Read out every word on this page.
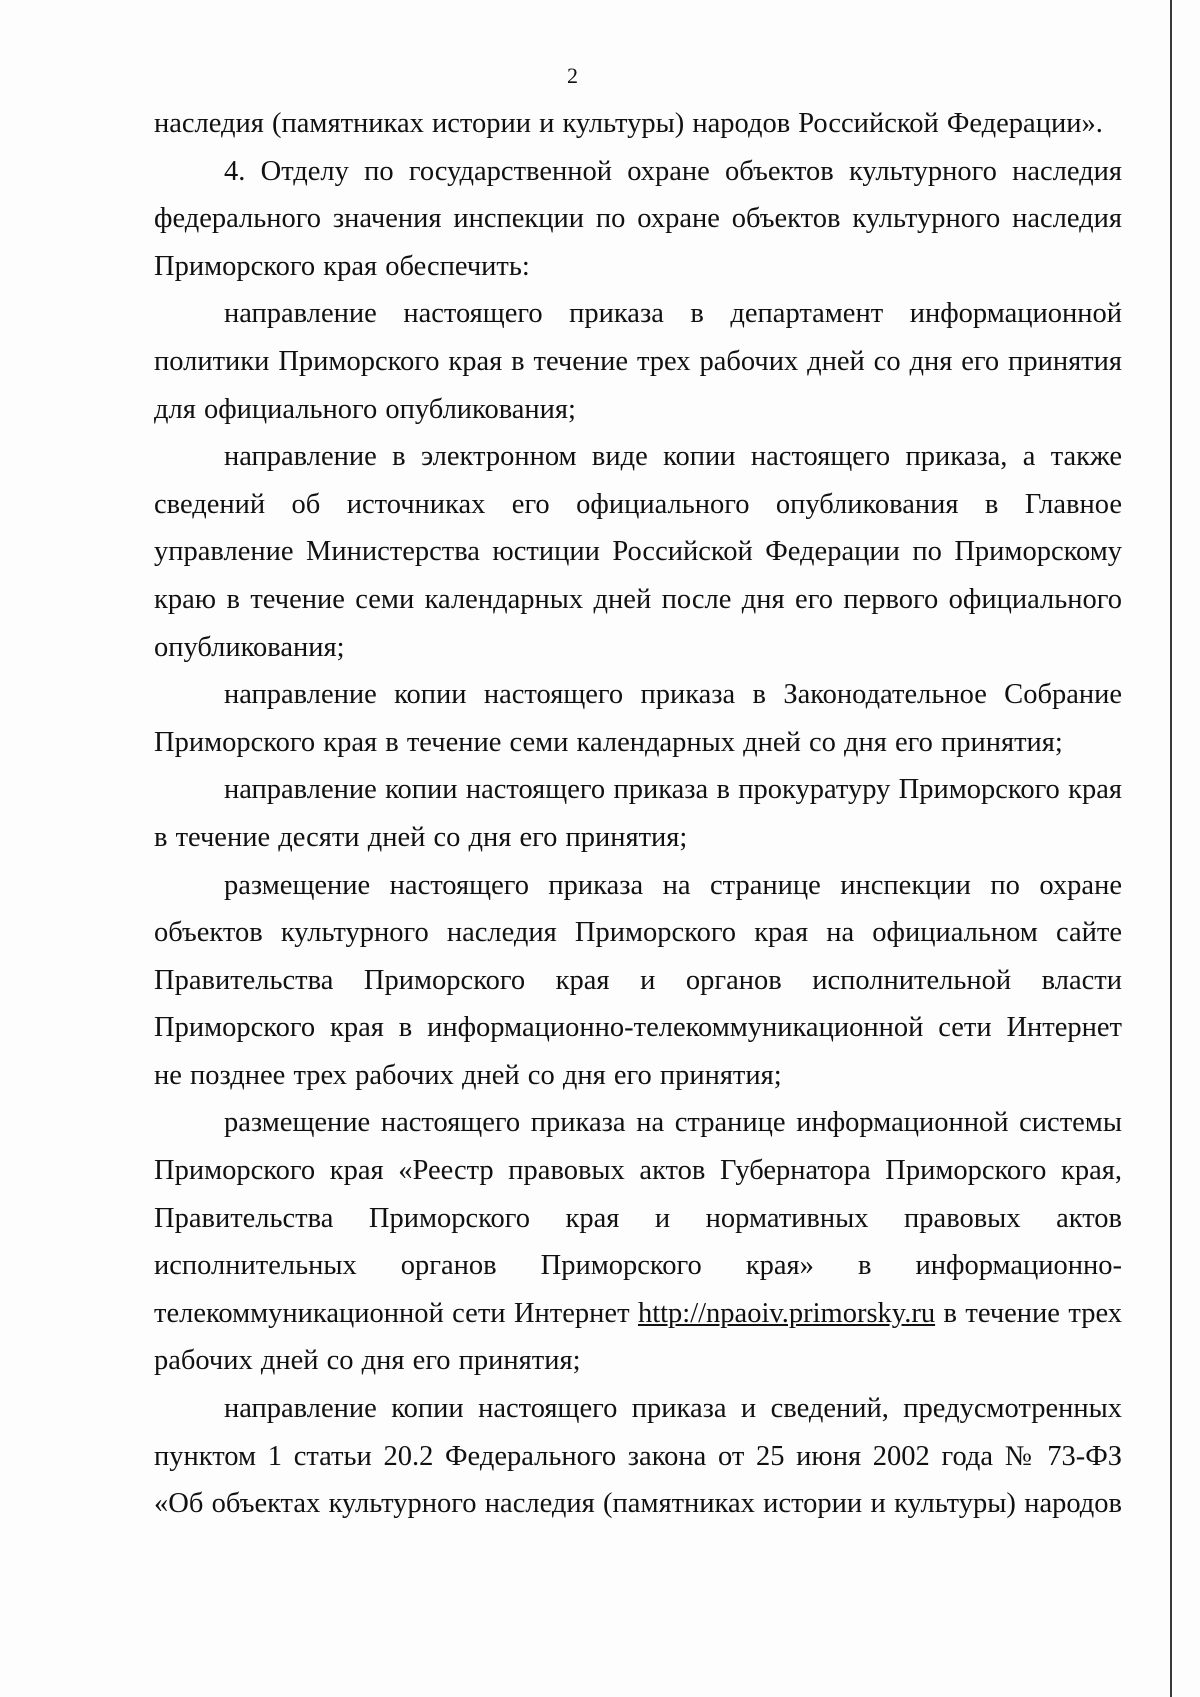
2

наследия (памятниках истории и культуры) народов Российской Федерации».

4. Отделу по государственной охране объектов культурного наследия федерального значения инспекции по охране объектов культурного наследия Приморского края обеспечить:

направление настоящего приказа в департамент информационной политики Приморского края в течение трех рабочих дней со дня его принятия для официального опубликования;

направление в электронном виде копии настоящего приказа, а также сведений об источниках его официального опубликования в Главное управление Министерства юстиции Российской Федерации по Приморскому краю в течение семи календарных дней после дня его первого официального опубликования;

направление копии настоящего приказа в Законодательное Собрание Приморского края в течение семи календарных дней со дня его принятия;

направление копии настоящего приказа в прокуратуру Приморского края в течение десяти дней со дня его принятия;

размещение настоящего приказа на странице инспекции по охране объектов культурного наследия Приморского края на официальном сайте Правительства Приморского края и органов исполнительной власти Приморского края в информационно-телекоммуникационной сети Интернет не позднее трех рабочих дней со дня его принятия;

размещение настоящего приказа на странице информационной системы Приморского края «Реестр правовых актов Губернатора Приморского края, Правительства Приморского края и нормативных правовых актов исполнительных органов Приморского края» в информационно-телекоммуникационной сети Интернет http://npaoiv.primorsky.ru в течение трех рабочих дней со дня его принятия;

направление копии настоящего приказа и сведений, предусмотренных пунктом 1 статьи 20.2 Федерального закона от 25 июня 2002 года № 73-ФЗ «Об объектах культурного наследия (памятниках истории и культуры) народов
